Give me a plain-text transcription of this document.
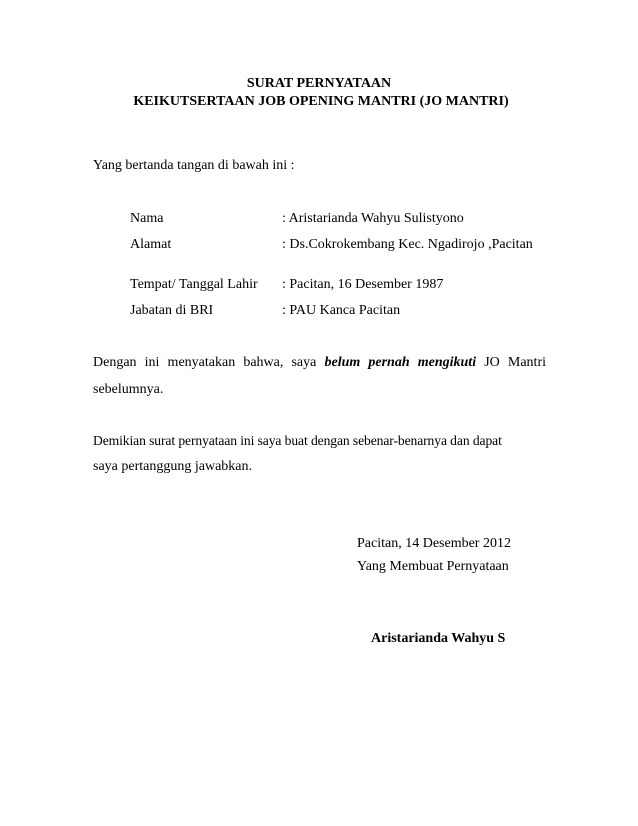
SURAT PERNYATAAN
KEIKUTSERTAAN JOB OPENING MANTRI (JO MANTRI)
Yang bertanda tangan di bawah ini :
Nama	: Aristarianda Wahyu Sulistyono
Alamat	: Ds.Cokrokembang Kec. Ngadirojo ,Pacitan
Tempat/ Tanggal Lahir : Pacitan, 16 Desember 1987
Jabatan di BRI	: PAU Kanca Pacitan
Dengan ini menyatakan bahwa, saya belum pernah mengikuti JO Mantri
sebelumnya.
Demikian surat pernyataan ini saya buat dengan sebenar-benarnya dan dapat
saya pertanggung jawabkan.
Pacitan, 14 Desember 2012
Yang Membuat Pernyataan
Aristarianda Wahyu S
